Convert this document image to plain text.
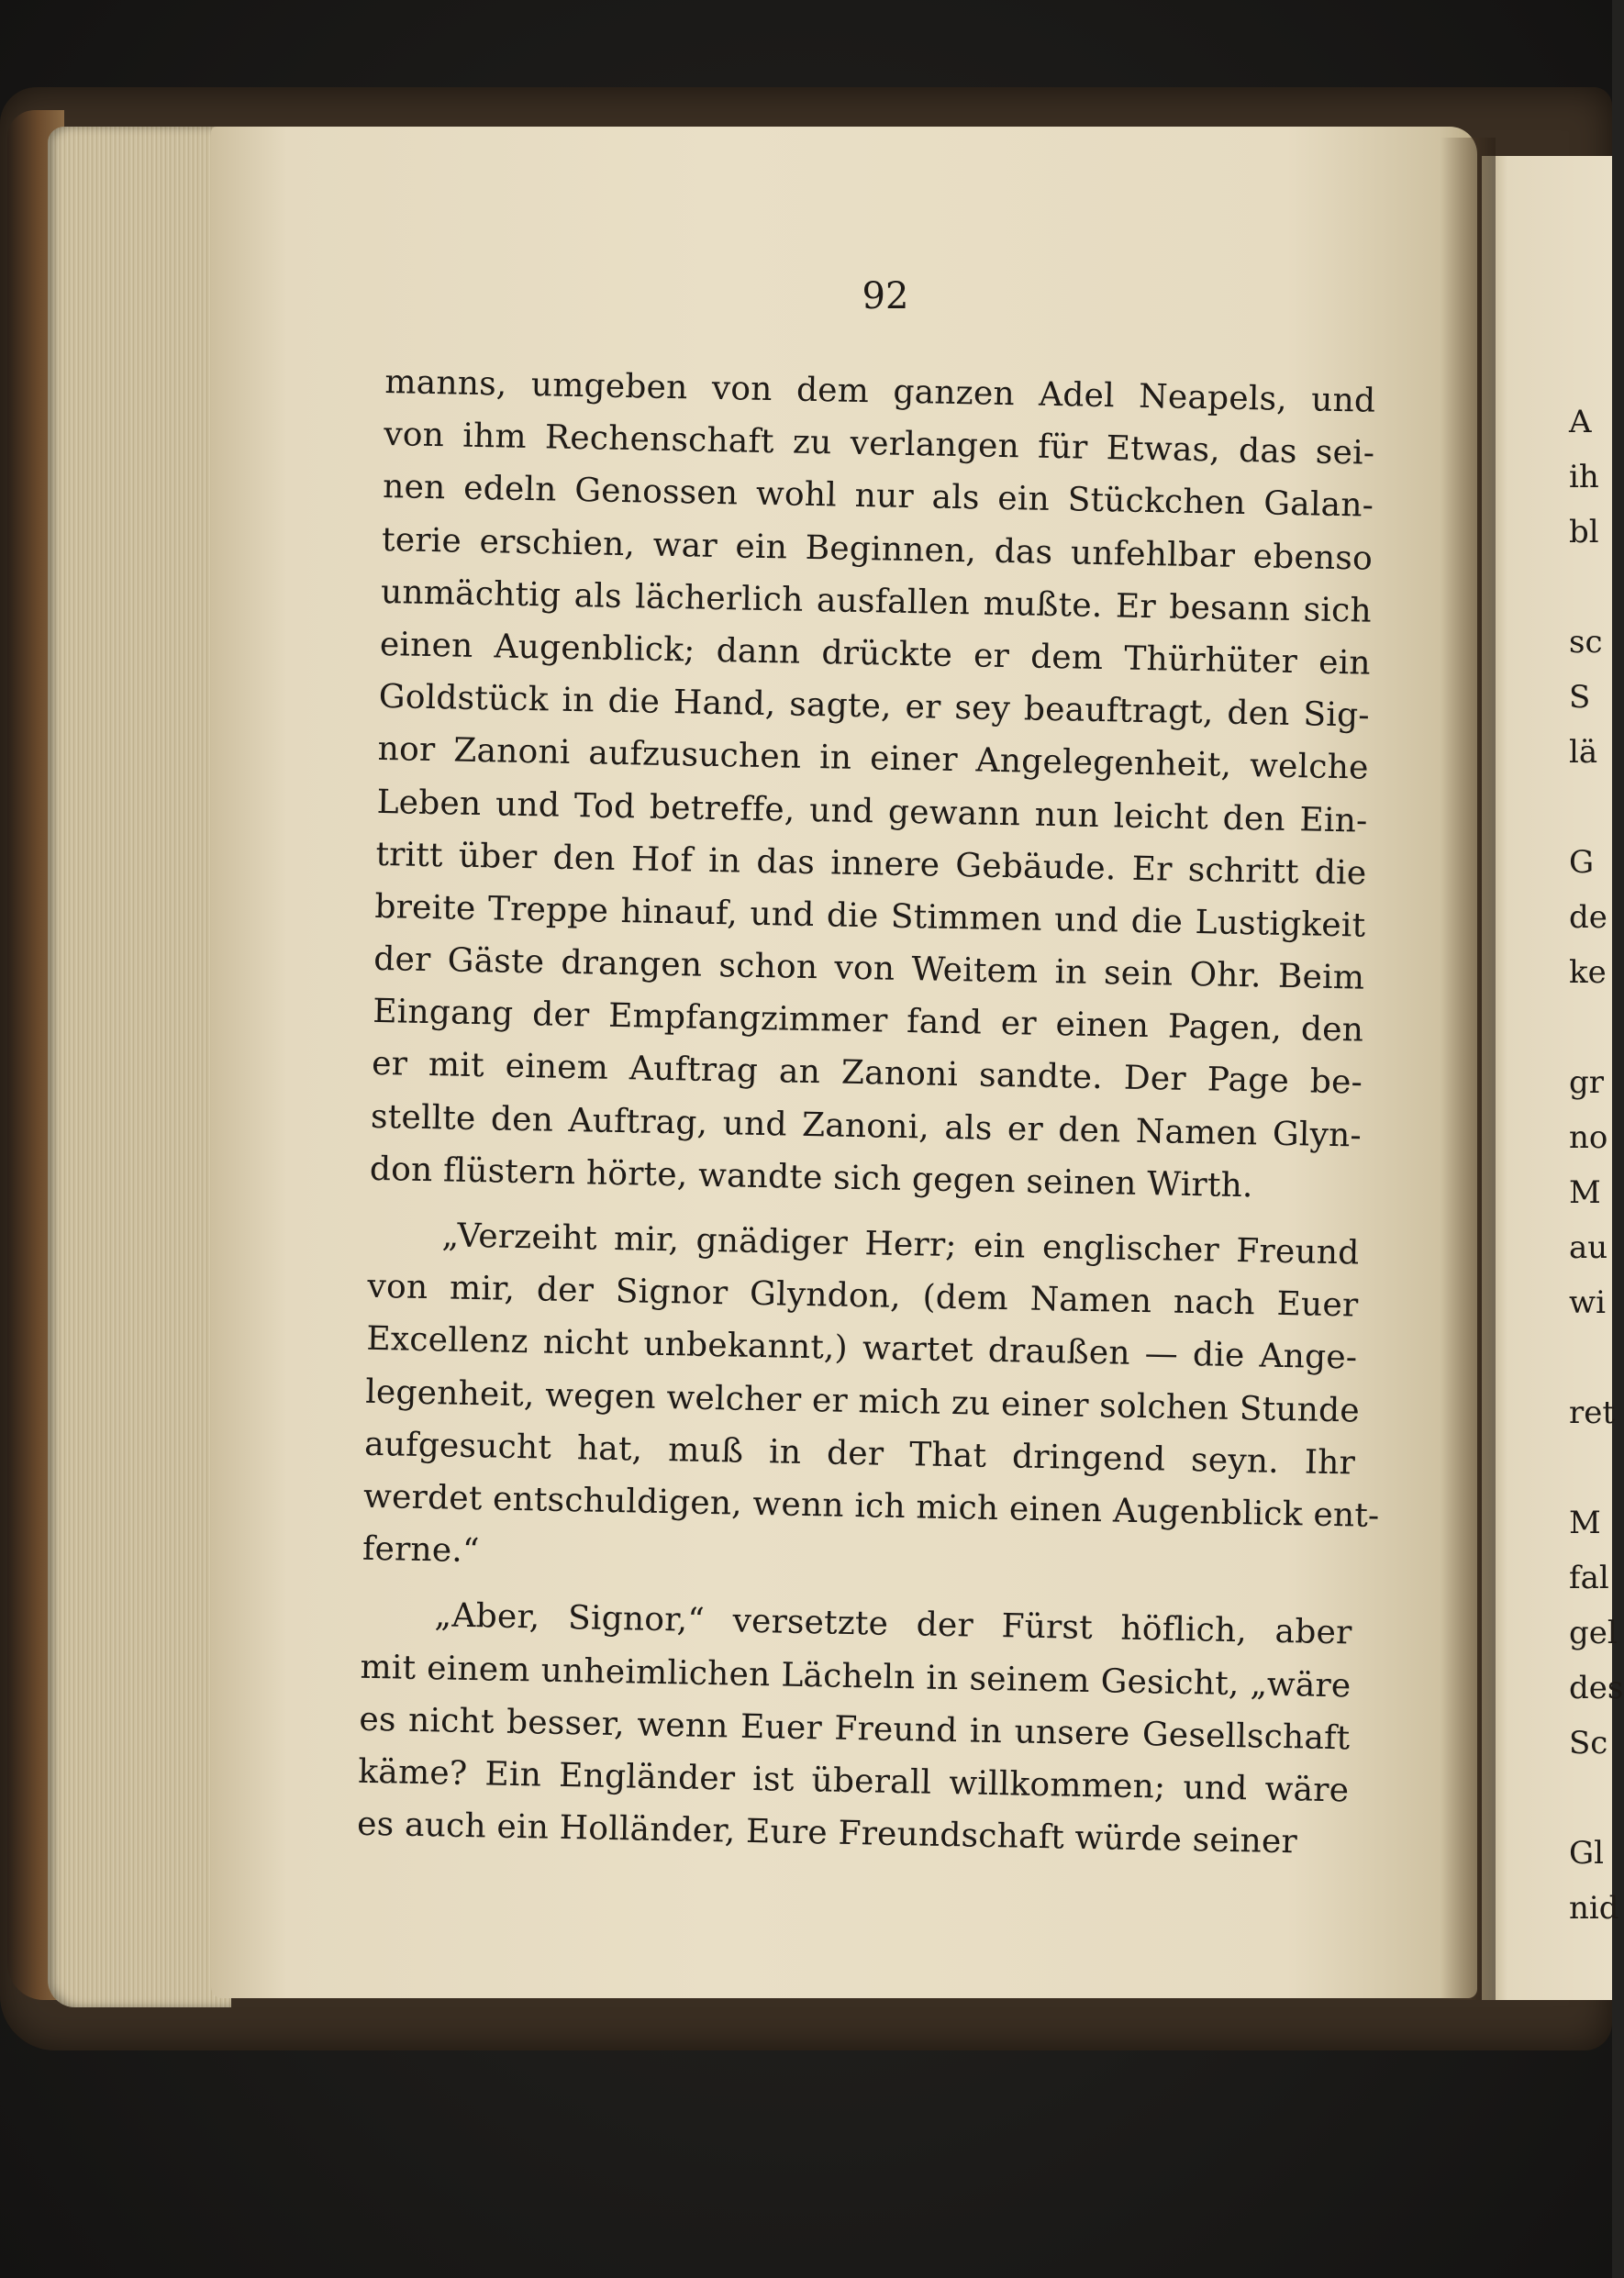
92
manns, umgeben von dem ganzen Adel Neapels, und
von ihm Rechenschaft zu verlangen für Etwas, das sei-
nen edeln Genossen wohl nur als ein Stückchen Galan-
terie erschien, war ein Beginnen, das unfehlbar ebenso
unmächtig als lächerlich ausfallen mußte. Er besann sich
einen Augenblick; dann drückte er dem Thürhüter ein
Goldstück in die Hand, sagte, er sey beauftragt, den Sig-
nor Zanoni aufzusuchen in einer Angelegenheit, welche
Leben und Tod betreffe, und gewann nun leicht den Ein-
tritt über den Hof in das innere Gebäude. Er schritt die
breite Treppe hinauf, und die Stimmen und die Lustigkeit
der Gäste drangen schon von Weitem in sein Ohr. Beim
Eingang der Empfangzimmer fand er einen Pagen, den
er mit einem Auftrag an Zanoni sandte. Der Page be-
stellte den Auftrag, und Zanoni, als er den Namen Glyn-
don flüstern hörte, wandte sich gegen seinen Wirth.
„Verzeiht mir, gnädiger Herr; ein englischer Freund
von mir, der Signor Glyndon, (dem Namen nach Euer
Excellenz nicht unbekannt,) wartet draußen — die Ange-
legenheit, wegen welcher er mich zu einer solchen Stunde
aufgesucht hat, muß in der That dringend seyn. Ihr
werdet entschuldigen, wenn ich mich einen Augenblick ent-
ferne.“
„Aber, Signor,“ versetzte der Fürst höflich, aber
mit einem unheimlichen Lächeln in seinem Gesicht, „wäre
es nicht besser, wenn Euer Freund in unsere Gesellschaft
käme? Ein Engländer ist überall willkommen; und wäre
es auch ein Holländer, Eure Freundschaft würde seiner
A
ih
bl
sc
S
lä
G
de
ke
gr
no
M
au
wi
ret
M
fal
gel
des
Sc
Gl
nid
